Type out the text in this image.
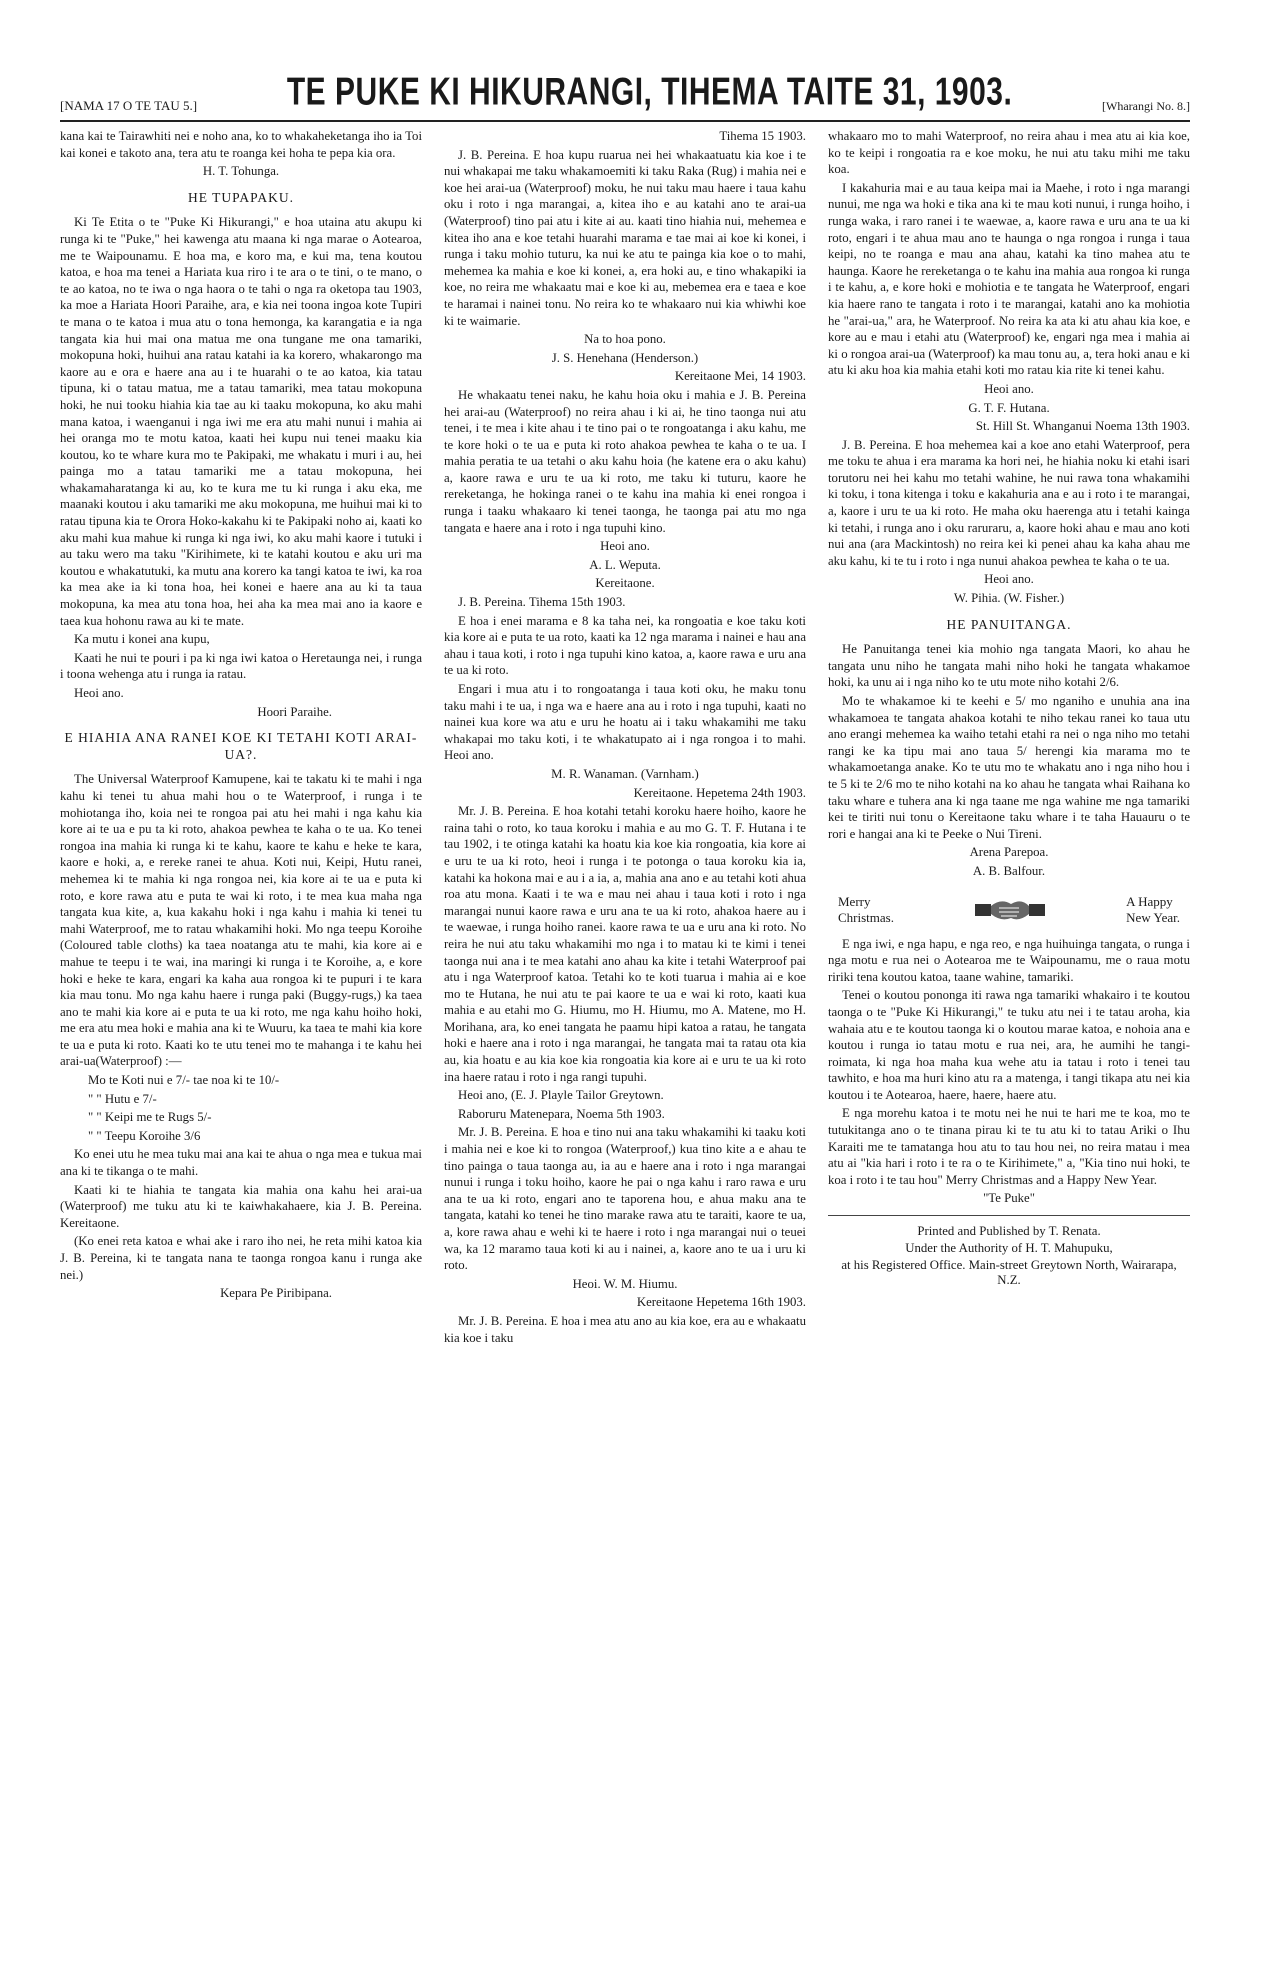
[NAMA 17 O TE TAU 5.]	TE PUKE KI HIKURANGI, TIHEMA TAITE 31, 1903.	[Wharangi No. 8.]

kana kai te Tairawhiti nei e noho ana, ko to whakaheketanga iho ia Toi kai konei e takoto ana, tera atu te roanga kei hoha te pepa kia ora.

H. T. Tohunga.

HE TUPAPAKU.

Ki Te Etita o te "Puke Ki Hikurangi," e hoa utaina atu akupu ki runga ki te "Puke," hei kawenga atu maana ki nga marae o Aotearoa, me te Waipounamu. E hoa ma, e koro ma, e kui ma, tena koutou katoa, e hoa ma tenei a Hariata kua riro i te ara o te tini, o te mano, o te ao katoa, no te iwa o nga haora o te tahi o nga ra oketopa tau 1903, ka moe a Hariata Hoori Paraihe, ara, e kia nei toona ingoa kote Tupiri te mana o te katoa i mua atu o tona hemonga, ka karangatia e ia nga tangata kia hui mai ona matua me ona tungane me ona tamariki, mokopuna hoki, huihui ana ratau katahi ia ka korero, whakarongo ma kaore au e ora e haere ana au i te huarahi o te ao katoa, kia tatau tipuna, ki o tatau matua, me a tatau tamariki, mea tatau mokopuna hoki, he nui tooku hiahia kia tae au ki taaku mokopuna, ko aku mahi mana katoa, i waenganui i nga iwi me era atu mahi nunui i mahia ai hei oranga mo te motu katoa, kaati hei kupu nui tenei maaku kia koutou, ko te whare kura mo te Pakipaki, me whakatu i muri i au, hei painga mo a tatau tamariki me a tatau mokopuna, hei whakamaharatanga ki au, ko te kura me tu ki runga i aku eka, me maanaki koutou i aku tamariki me aku mokopuna, me huihui mai ki to ratau tipuna kia te Orora Hoko-kakahu ki te Pakipaki noho ai, kaati ko aku mahi kua mahue ki runga ki nga iwi, ko aku mahi kaore i tutuki i au taku wero ma taku "Kirihimete, ki te katahi koutou e aku uri ma koutou e whakatutuki, ka mutu ana korero ka tangi katoa te iwi, ka roa ka mea ake ia ki tona hoa, hei konei e haere ana au ki ta taua mokopuna, ka mea atu tona hoa, hei aha ka mea mai ano ia kaore e taea kua hohonu rawa au ki te mate.

Ka mutu i konei ana kupu,

Kaati he nui te pouri i pa ki nga iwi katoa o Heretaunga nei, i runga i toona wehenga atu i runga ia ratau.

Heoi ano.

Hoori Paraihe.

E HIAHIA ANA RANEI KOE KI TETAHI KOTI ARAI-UA?.

The Universal Waterproof Kamupene, kai te takatu ki te mahi i nga kahu ki tenei tu ahua mahi hou o te Waterproof, i runga i te mohiotanga iho, koia nei te rongoa pai atu hei mahi i nga kahu kia kore ai te ua e pu ta ki roto, ahakoa pewhea te kaha o te ua. Ko tenei rongoa ina mahia ki runga ki te kahu, kaore te kahu e heke te kara, kaore e hoki, a, e rereke ranei te ahua. Koti nui, Keipi, Hutu ranei, mehemea ki te mahia ki nga rongoa nei, kia kore ai te ua e puta ki roto, e kore rawa atu e puta te wai ki roto, i te mea kua maha nga tangata kua kite, a, kua kakahu hoki i nga kahu i mahia ki tenei tu mahi Waterproof, me to ratau whakamihi hoki. Mo nga teepu Koroihe (Coloured table cloths) ka taea noatanga atu te mahi, kia kore ai e mahue te teepu i te wai, ina maringi ki runga i te Koroihe, a, e kore hoki e heke te kara, engari ka kaha aua rongoa ki te pupuri i te kara kia mau tonu. Mo nga kahu haere i runga paki (Buggy-rugs,) ka taea ano te mahi kia kore ai e puta te ua ki roto, me nga kahu hoiho hoki, me era atu mea hoki e mahia ana ki te Wuuru, ka taea te mahi kia kore te ua e puta ki roto. Kaati ko te utu tenei mo te mahanga i te kahu hei arai-ua(Waterproof) :—

Mo te Koti nui e 7/- tae noa ki te 10/-

" " Hutu e 7/-

" " Keipi me te Rugs 5/-

" " Teepu Koroihe 3/6

Ko enei utu he mea tuku mai ana kai te ahua o nga mea e tukua mai ana ki te tikanga o te mahi.

Kaati ki te hiahia te tangata kia mahia ona kahu hei arai-ua (Waterproof) me tuku atu ki te kaiwhakahaere, kia J. B. Pereina. Kereitaone.

(Ko enei reta katoa e whai ake i raro iho nei, he reta mihi katoa kia J. B. Pereina, ki te tangata nana te taonga rongoa kanu i runga ake nei.)

Kepara Pe Piribipana.

Tihema 15 1903.

J. B. Pereina. E hoa kupu ruarua nei hei whakaatuatu kia koe i te nui whakapai me taku whakamoemiti ki taku Raka (Rug) i mahia nei e koe hei arai-ua (Waterproof) moku, he nui taku mau haere i taua kahu oku i roto i nga marangai, a, kitea iho e au katahi ano te arai-ua (Waterproof) tino pai atu i kite ai au. kaati tino hiahia nui, mehemea e kitea iho ana e koe tetahi huarahi marama e tae mai ai koe ki konei, i runga i taku mohio tuturu, ka nui ke atu te painga kia koe o to mahi, mehemea ka mahia e koe ki konei, a, era hoki au, e tino whakapiki ia koe, no reira me whakaatu mai e koe ki au, mebemea era e taea e koe te haramai i nainei tonu. No reira ko te whakaaro nui kia whiwhi koe ki te waimarie.

Na to hoa pono.

J. S. Henehana (Henderson.)

Kereitaone Mei, 14 1903.

He whakaatu tenei naku, he kahu hoia oku i mahia e J. B. Pereina hei arai-au (Waterproof) no reira ahau i ki ai, he tino taonga nui atu tenei, i te mea i kite ahau i te tino pai o te rongoatanga i aku kahu, me te kore hoki o te ua e puta ki roto ahakoa pewhea te kaha o te ua. I mahia peratia te ua tetahi o aku kahu hoia (he katene era o aku kahu) a, kaore rawa e uru te ua ki roto, me taku ki tuturu, kaore he rereketanga, he hokinga ranei o te kahu ina mahia ki enei rongoa i runga i taaku whakaaro ki tenei taonga, he taonga pai atu mo nga tangata e haere ana i roto i nga tupuhi kino.

Heoi ano.

A. L. Weputa.

Kereitaone.

J. B. Pereina. Tihema 15th 1903.

E hoa i enei marama e 8 ka taha nei, ka rongoatia e koe taku koti kia kore ai e puta te ua roto, kaati ka 12 nga marama i nainei e hau ana ahau i taua koti, i roto i nga tupuhi kino katoa, a, kaore rawa e uru ana te ua ki roto.

Engari i mua atu i to rongoatanga i taua koti oku, he maku tonu taku mahi i te ua, i nga wa e haere ana au i roto i nga tupuhi, kaati no nainei kua kore wa atu e uru he hoatu ai i taku whakamihi me taku whakapai mo taku koti, i te whakatupato ai i nga rongoa i to mahi. Heoi ano.

M. R. Wanaman. (Varnham.)

Kereitaone. Hepetema 24th 1903.

Mr. J. B. Pereina. E hoa kotahi tetahi koroku haere hoiho, kaore he raina tahi o roto, ko taua koroku i mahia e au mo G. T. F. Hutana i te tau 1902, i te otinga katahi ka hoatu kia koe kia rongoatia, kia kore ai e uru te ua ki roto, heoi i runga i te potonga o taua koroku kia ia, katahi ka hokona mai e au i a ia, a, mahia ana ano e au tetahi koti ahua roa atu mona. Kaati i te wa e mau nei ahau i taua koti i roto i nga marangai nunui kaore rawa e uru ana te ua ki roto, ahakoa haere au i te waewae, i runga hoiho ranei. kaore rawa te ua e uru ana ki roto. No reira he nui atu taku whakamihi mo nga i to matau ki te kimi i tenei taonga nui ana i te mea katahi ano ahau ka kite i tetahi Waterproof pai atu i nga Waterproof katoa. Tetahi ko te koti tuarua i mahia ai e koe mo te Hutana, he nui atu te pai kaore te ua e wai ki roto, kaati kua mahia e au etahi mo G. Hiumu, mo H. Hiumu, mo A. Matene, mo H. Morihana, ara, ko enei tangata he paamu hipi katoa a ratau, he tangata hoki e haere ana i roto i nga marangai, he tangata mai ta ratau ota kia au, kia hoatu e au kia koe kia rongoatia kia kore ai e uru te ua ki roto ina haere ratau i roto i nga rangi tupuhi.

Heoi ano, (E. J. Playle Tailor Greytown.

Raboruru Matenepara, Noema 5th 1903.

Mr. J. B. Pereina. E hoa e tino nui ana taku whakamihi ki taaku koti i mahia nei e koe ki to rongoa (Waterproof,) kua tino kite a e ahau te tino painga o taua taonga au, ia au e haere ana i roto i nga marangai nunui i runga i toku hoiho, kaore he pai o nga kahu i raro rawa e uru ana te ua ki roto, engari ano te taporena hou, e ahua maku ana te tangata, katahi ko tenei he tino marake rawa atu te taraiti, kaore te ua, a, kore rawa ahau e wehi ki te haere i roto i nga marangai nui o teuei wa, ka 12 maramo taua koti ki au i nainei, a, kaore ano te ua i uru ki roto.

Heoi. W. M. Hiumu.

Kereitaone Hepetema 16th 1903.

Mr. J. B. Pereina. E hoa i mea atu ano au kia koe, era au e whakaatu kia koe i taku

whakaaro mo to mahi Waterproof, no reira ahau i mea atu ai kia koe, ko te keipi i rongoatia ra e koe moku, he nui atu taku mihi me taku koa.

I kakahuria mai e au taua keipa mai ia Maehe, i roto i nga marangi nunui, me nga wa hoki e tika ana ki te mau koti nunui, i runga hoiho, i runga waka, i raro ranei i te waewae, a, kaore rawa e uru ana te ua ki roto, engari i te ahua mau ano te haunga o nga rongoa i runga i taua keipi, no te roanga e mau ana ahau, katahi ka tino mahea atu te haunga. Kaore he rereketanga o te kahu ina mahia aua rongoa ki runga i te kahu, a, e kore hoki e mohiotia e te tangata he Waterproof, engari kia haere rano te tangata i roto i te marangai, katahi ano ka mohiotia he "arai-ua," ara, he Waterproof. No reira ka ata ki atu ahau kia koe, e kore au e mau i etahi atu (Waterproof) ke, engari nga mea i mahia ai ki o rongoa arai-ua (Waterproof) ka mau tonu au, a, tera hoki anau e ki atu ki aku hoa kia mahia etahi koti mo ratau kia rite ki tenei kahu.

Heoi ano.

G. T. F. Hutana.

St. Hill St. Whanganui Noema 13th 1903.

J. B. Pereina. E hoa mehemea kai a koe ano etahi Waterproof, pera me toku te ahua i era marama ka hori nei, he hiahia noku ki etahi isari torutoru nei hei kahu mo tetahi wahine, he nui rawa tona whakamihi ki toku, i tona kitenga i toku e kakahuria ana e au i roto i te marangai, a, kaore i uru te ua ki roto. He maha oku haerenga atu i tetahi kainga ki tetahi, i runga ano i oku raruraru, a, kaore hoki ahau e mau ano koti nui ana (ara Mackintosh) no reira kei ki penei ahau ka kaha ahau me aku kahu, ki te tu i roto i nga nunui ahakoa pewhea te kaha o te ua.

Heoi ano.

W. Pihia. (W. Fisher.)

HE PANUITANGA.

He Panuitanga tenei kia mohio nga tangata Maori, ko ahau he tangata unu niho he tangata mahi niho hoki he tangata whakamoe hoki, ka unu ai i nga niho ko te utu mote niho kotahi 2/6.

Mo te whakamoe ki te keehi e 5/ mo nganiho e unuhia ana ina whakamoea te tangata ahakoa kotahi te niho tekau ranei ko taua utu ano erangi mehemea ka waiho tetahi etahi ra nei o nga niho mo tetahi rangi ke ka tipu mai ano taua 5/ herengi kia marama mo te whakamoetanga anake. Ko te utu mo te whakatu ano i nga niho hou i te 5 ki te 2/6 mo te niho kotahi na ko ahau he tangata whai Raihana ko taku whare e tuhera ana ki nga taane me nga wahine me nga tamariki kei te tiriti nui tonu o Kereitaone taku whare i te taha Hauauru o te rori e hangai ana ki te Peeke o Nui Tireni.

Arena Parepoa.

A. B. Balfour.

Merry
Christmas.
A Happy
New Year.

E nga iwi, e nga hapu, e nga reo, e nga huihuinga tangata, o runga i nga motu e rua nei o Aotearoa me te Waipounamu, me o raua motu ririki tena koutou katoa, taane wahine, tamariki.

Tenei o koutou pononga iti rawa nga tamariki whakairo i te koutou taonga o te "Puke Ki Hikurangi," te tuku atu nei i te tatau aroha, kia wahaia atu e te koutou taonga ki o koutou marae katoa, e nohoia ana e koutou i runga io tatau motu e rua nei, ara, he aumihi he tangi-roimata, ki nga hoa maha kua wehe atu ia tatau i roto i tenei tau tawhito, e hoa ma huri kino atu ra a matenga, i tangi tikapa atu nei kia koutou i te Aotearoa, haere, haere, haere atu.

E nga morehu katoa i te motu nei he nui te hari me te koa, mo te tutukitanga ano o te tinana pirau ki te tu atu ki to tatau Ariki o Ihu Karaiti me te tamatanga hou atu to tau hou nei, no reira matau i mea atu ai "kia hari i roto i te ra o te Kirihimete," a, "Kia tino nui hoki, te koa i roto i te tau hou" Merry Christmas and a Happy New Year.

"Te Puke"

Printed and Published by T. Renata.

Under the Authority of H. T. Mahupuku,

at his Registered Office. Main-street Greytown North, Wairarapa, N.Z.
